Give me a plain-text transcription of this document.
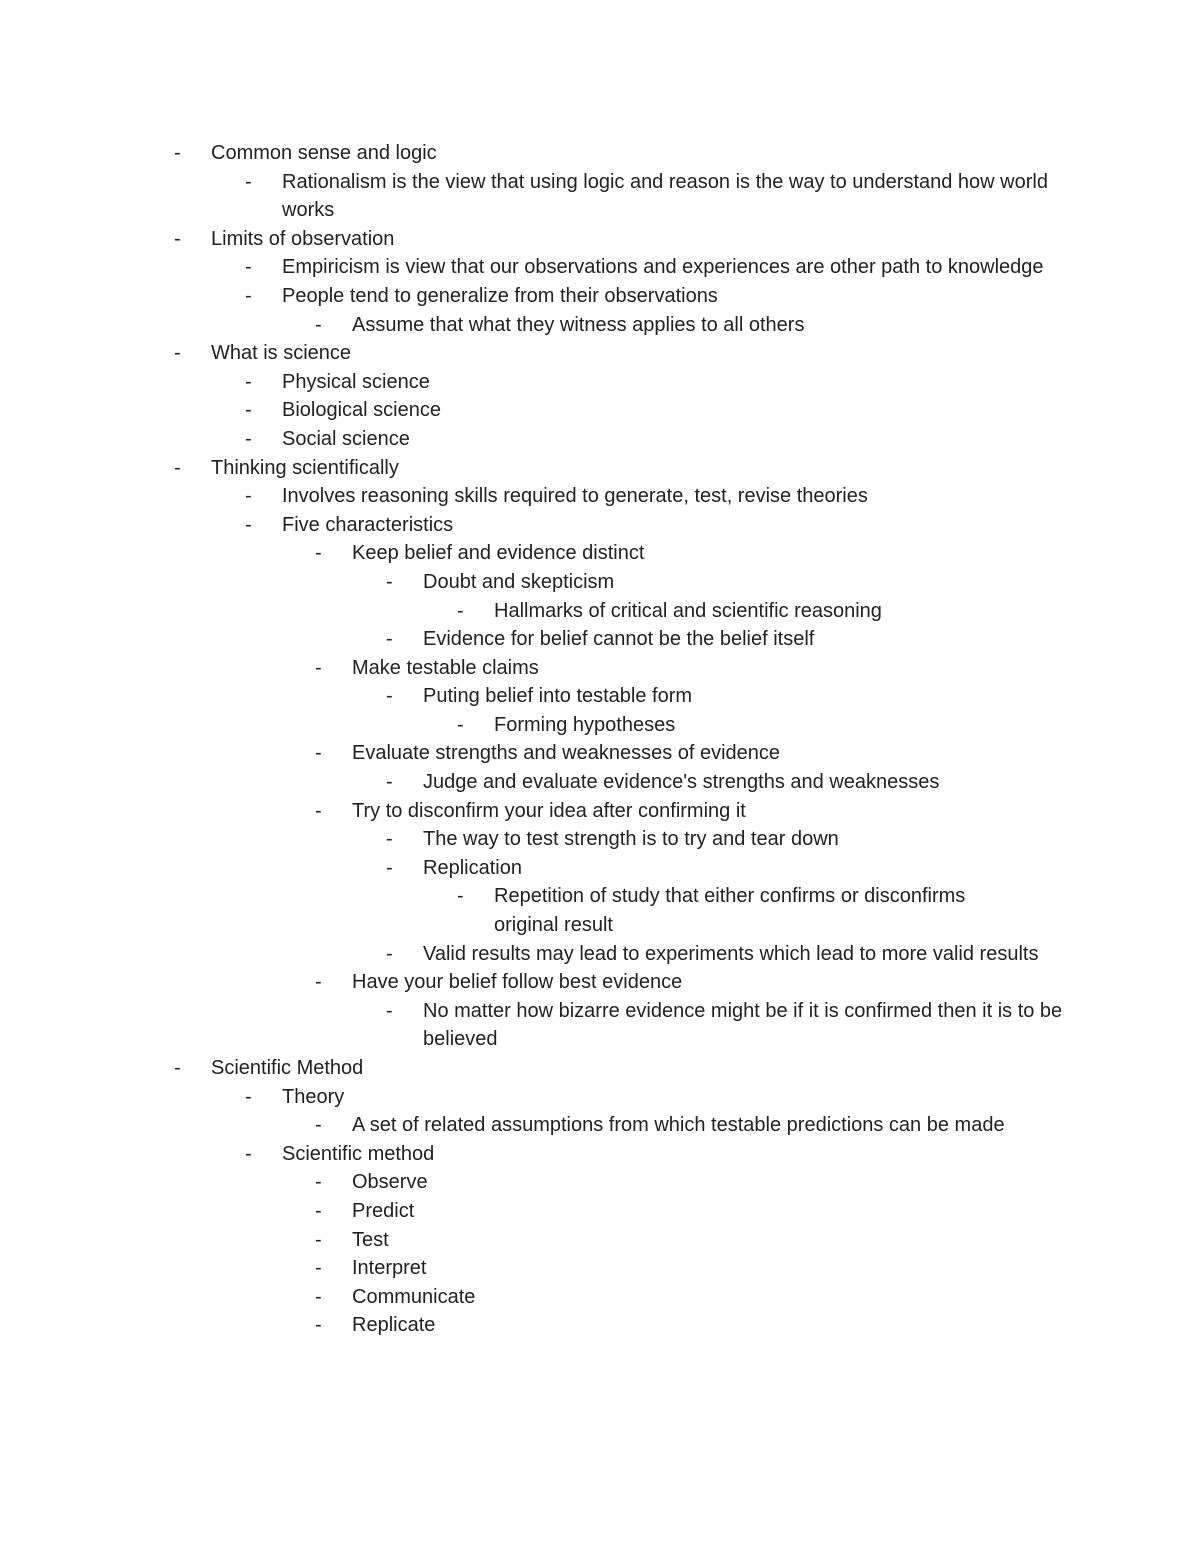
-	Common sense and logic
-	Rationalism is the view that using logic and reason is the way to understand how world works
-	Limits of observation
-	Empiricism is view that our observations and experiences are other path to knowledge
-	People tend to generalize from their observations
-	Assume that what they witness applies to all others
-	What is science
-	Physical science
-	Biological science
-	Social science
-	Thinking scientifically
-	Involves reasoning skills required to generate, test, revise theories
-	Five characteristics
-	Keep belief and evidence distinct
-	Doubt and skepticism
-	Hallmarks of critical and scientific reasoning
-	Evidence for belief cannot be the belief itself
-	Make testable claims
-	Puting belief into testable form
-	Forming hypotheses
-	Evaluate strengths and weaknesses of evidence
-	Judge and evaluate evidence's strengths and weaknesses
-	Try to disconfirm your idea after confirming it
-	The way to test strength is to try and tear down
-	Replication
-	Repetition of study that either confirms or disconfirms original result
-	Valid results may lead to experiments which lead to more valid results
-	Have your belief follow best evidence
-	No matter how bizarre evidence might be if it is confirmed then it is to be believed
-	Scientific Method
-	Theory
-	A set of related assumptions from which testable predictions can be made
-	Scientific method
-	Observe
-	Predict
-	Test
-	Interpret
-	Communicate
-	Replicate
